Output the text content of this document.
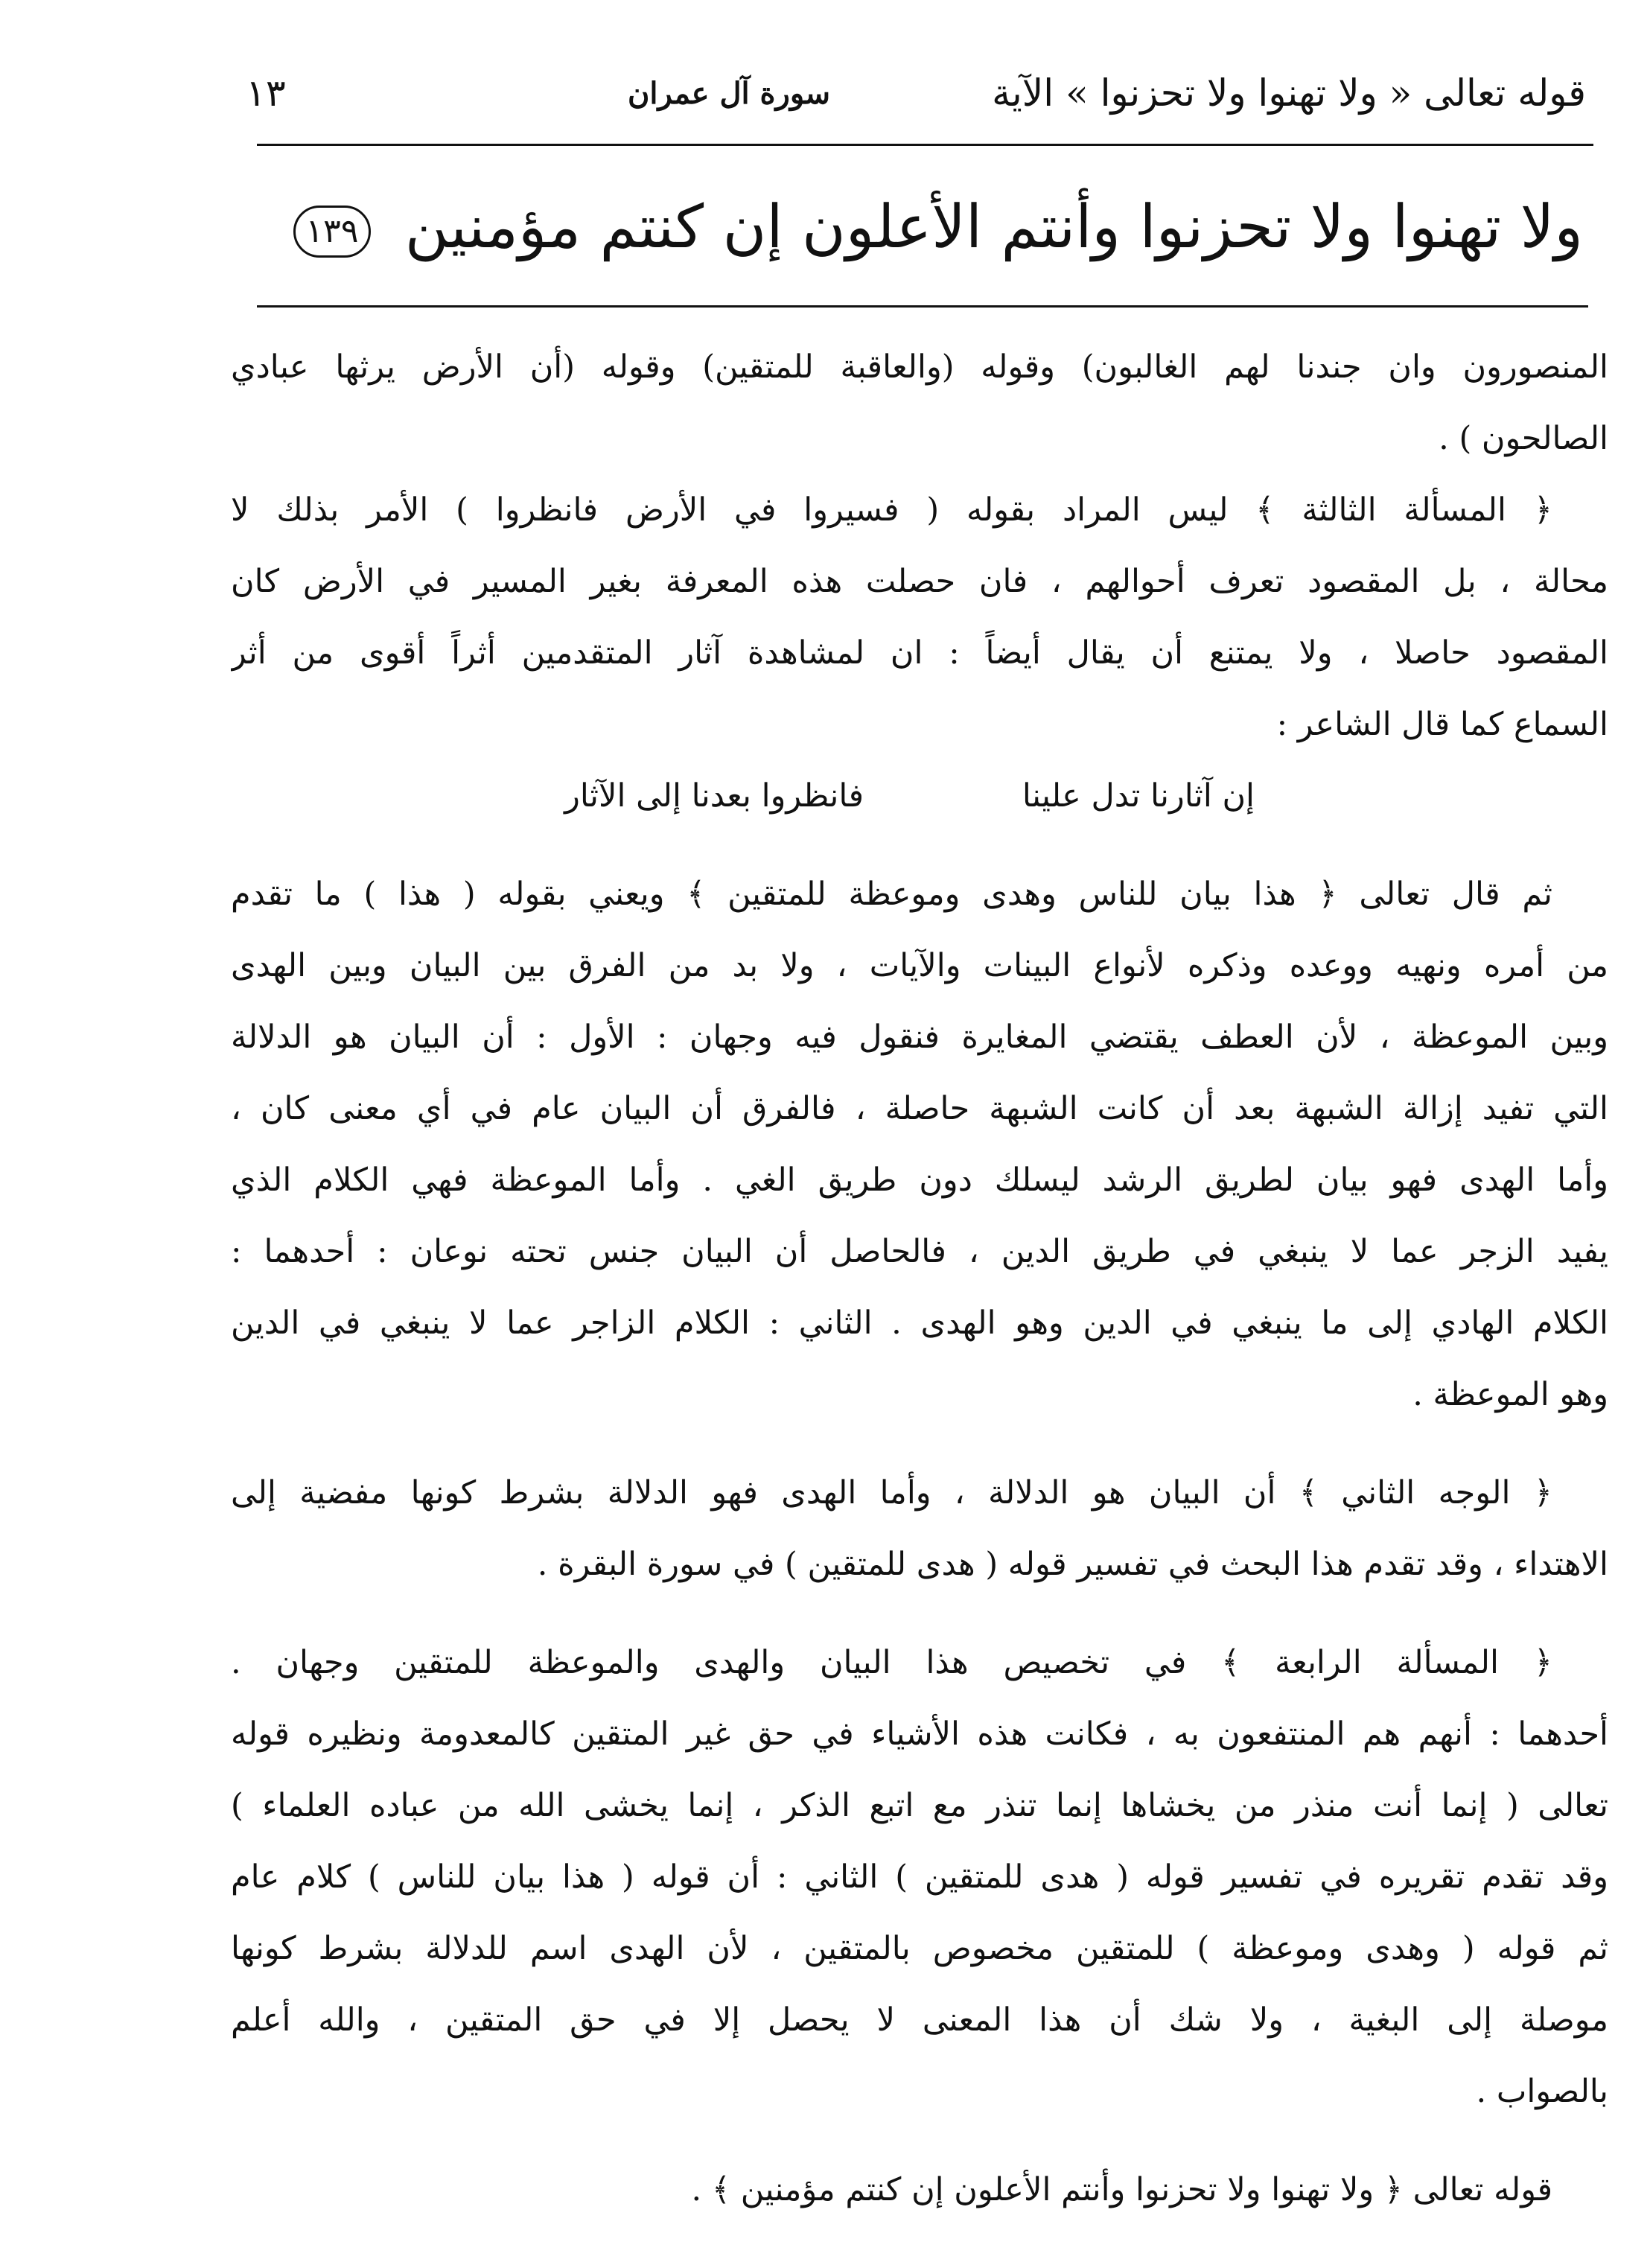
قوله تعالى « ولا تهنوا ولا تحزنوا » الآية
سورة آل عمران
١٣
ولا تهنوا ولا تحزنوا وأنتم الأعلون إن كنتم مؤمنين ١٣٩
المنصورون وان جندنا لهم الغالبون) وقوله (والعاقبة للمتقين) وقوله (أن الأرض يرثها عبادي
الصالحون ) .
﴿ المسألة الثالثة ﴾ ليس المراد بقوله ( فسيروا في الأرض فانظروا ) الأمر بذلك لا
محالة ، بل المقصود تعرف أحوالهم ، فان حصلت هذه المعرفة بغير المسير في الأرض كان
المقصود حاصلا ، ولا يمتنع أن يقال أيضاً : ان لمشاهدة آثار المتقدمين أثراً أقوى من أثر
السماع كما قال الشاعر :
إن آثارنا تدل علينا
فانظروا بعدنا إلى الآثار
ثم قال تعالى ﴿ هذا بيان للناس وهدى وموعظة للمتقين ﴾ ويعني بقوله ( هذا ) ما تقدم
من أمره ونهيه ووعده وذكره لأنواع البينات والآيات ، ولا بد من الفرق بين البيان وبين الهدى
وبين الموعظة ، لأن العطف يقتضي المغايرة فنقول فيه وجهان : الأول : أن البيان هو الدلالة
التي تفيد إزالة الشبهة بعد أن كانت الشبهة حاصلة ، فالفرق أن البيان عام في أي معنى كان ،
وأما الهدى فهو بيان لطريق الرشد ليسلك دون طريق الغي . وأما الموعظة فهي الكلام الذي
يفيد الزجر عما لا ينبغي في طريق الدين ، فالحاصل أن البيان جنس تحته نوعان : أحدهما :
الكلام الهادي إلى ما ينبغي في الدين وهو الهدى . الثاني : الكلام الزاجر عما لا ينبغي في الدين
وهو الموعظة .
﴿ الوجه الثاني ﴾ أن البيان هو الدلالة ، وأما الهدى فهو الدلالة بشرط كونها مفضية إلى
الاهتداء ، وقد تقدم هذا البحث في تفسير قوله ( هدى للمتقين ) في سورة البقرة .
﴿ المسألة الرابعة ﴾ في تخصيص هذا البيان والهدى والموعظة للمتقين وجهان .
أحدهما : أنهم هم المنتفعون به ، فكانت هذه الأشياء في حق غير المتقين كالمعدومة ونظيره قوله
تعالى ( إنما أنت منذر من يخشاها إنما تنذر مع اتبع الذكر ، إنما يخشى الله من عباده العلماء )
وقد تقدم تقريره في تفسير قوله ( هدى للمتقين ) الثاني : أن قوله ( هذا بيان للناس ) كلام عام
ثم قوله ( وهدى وموعظة ) للمتقين مخصوص بالمتقين ، لأن الهدى اسم للدلالة بشرط كونها
موصلة إلى البغية ، ولا شك أن هذا المعنى لا يحصل إلا في حق المتقين ، والله أعلم
بالصواب .
قوله تعالى ﴿ ولا تهنوا ولا تحزنوا وأنتم الأعلون إن كنتم مؤمنين ﴾ .
